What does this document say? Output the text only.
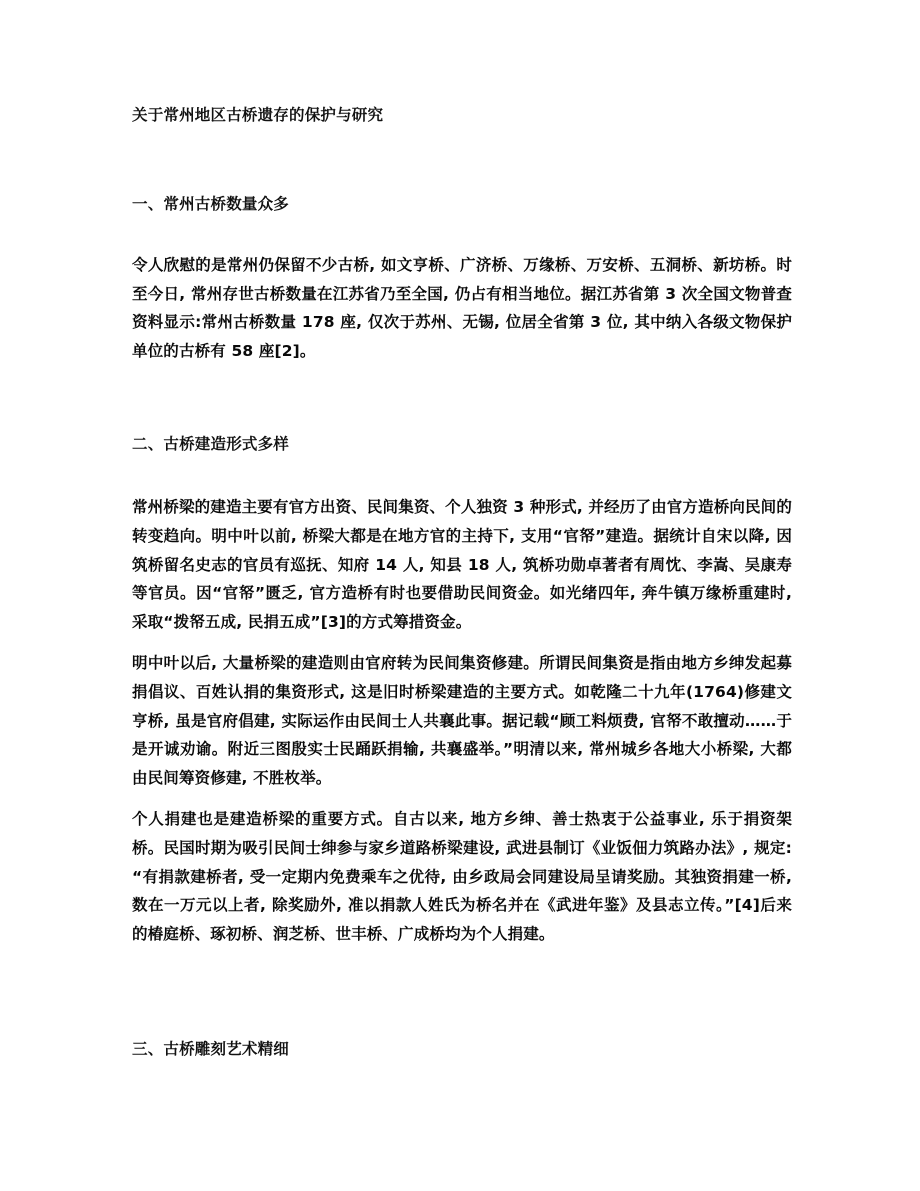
关于常州地区古桥遗存的保护与研究
一、常州古桥数量众多

令人欣慰的是常州仍保留不少古桥, 如文亨桥、广济桥、万缘桥、万安桥、五洞桥、新坊桥。时至今日, 常州存世古桥数量在江苏省乃至全国, 仍占有相当地位。据江苏省第 3 次全国文物普查资料显示:常州古桥数量 178 座, 仅次于苏州、无锡, 位居全省第 3 位, 其中纳入各级文物保护单位的古桥有 58 座[2]。

二、古桥建造形式多样

常州桥梁的建造主要有官方出资、民间集资、个人独资 3 种形式, 并经历了由官方造桥向民间的转变趋向。明中叶以前, 桥梁大都是在地方官的主持下, 支用“官帑”建造。据统计自宋以降, 因筑桥留名史志的官员有巡抚、知府 14 人, 知县 18 人, 筑桥功勋卓著者有周忱、李嵩、吴康寿等官员。因“官帑”匮乏, 官方造桥有时也要借助民间资金。如光绪四年, 奔牛镇万缘桥重建时, 采取“拨帑五成, 民捐五成”[3]的方式筹措资金。

明中叶以后, 大量桥梁的建造则由官府转为民间集资修建。所谓民间集资是指由地方乡绅发起募捐倡议、百姓认捐的集资形式, 这是旧时桥梁建造的主要方式。如乾隆二十九年(1764)修建文亨桥, 虽是官府倡建, 实际运作由民间士人共襄此事。据记载“顾工料烦费, 官帑不敢擅动……于是开诚劝谕。附近三图殷实士民踊跃捐输, 共襄盛举。”明清以来, 常州城乡各地大小桥梁, 大都由民间筹资修建, 不胜枚举。

个人捐建也是建造桥梁的重要方式。自古以来, 地方乡绅、善士热衷于公益事业, 乐于捐资架桥。民国时期为吸引民间士绅参与家乡道路桥梁建设, 武进县制订《业饭佃力筑路办法》, 规定:“有捐款建桥者, 受一定期内免费乘车之优待, 由乡政局会同建设局呈请奖励。其独资捐建一桥, 数在一万元以上者, 除奖励外, 准以捐款人姓氏为桥名并在《武进年鉴》及县志立传。”[4]后来的椿庭桥、琢初桥、润芝桥、世丰桥、广成桥均为个人捐建。

三、古桥雕刻艺术精细
